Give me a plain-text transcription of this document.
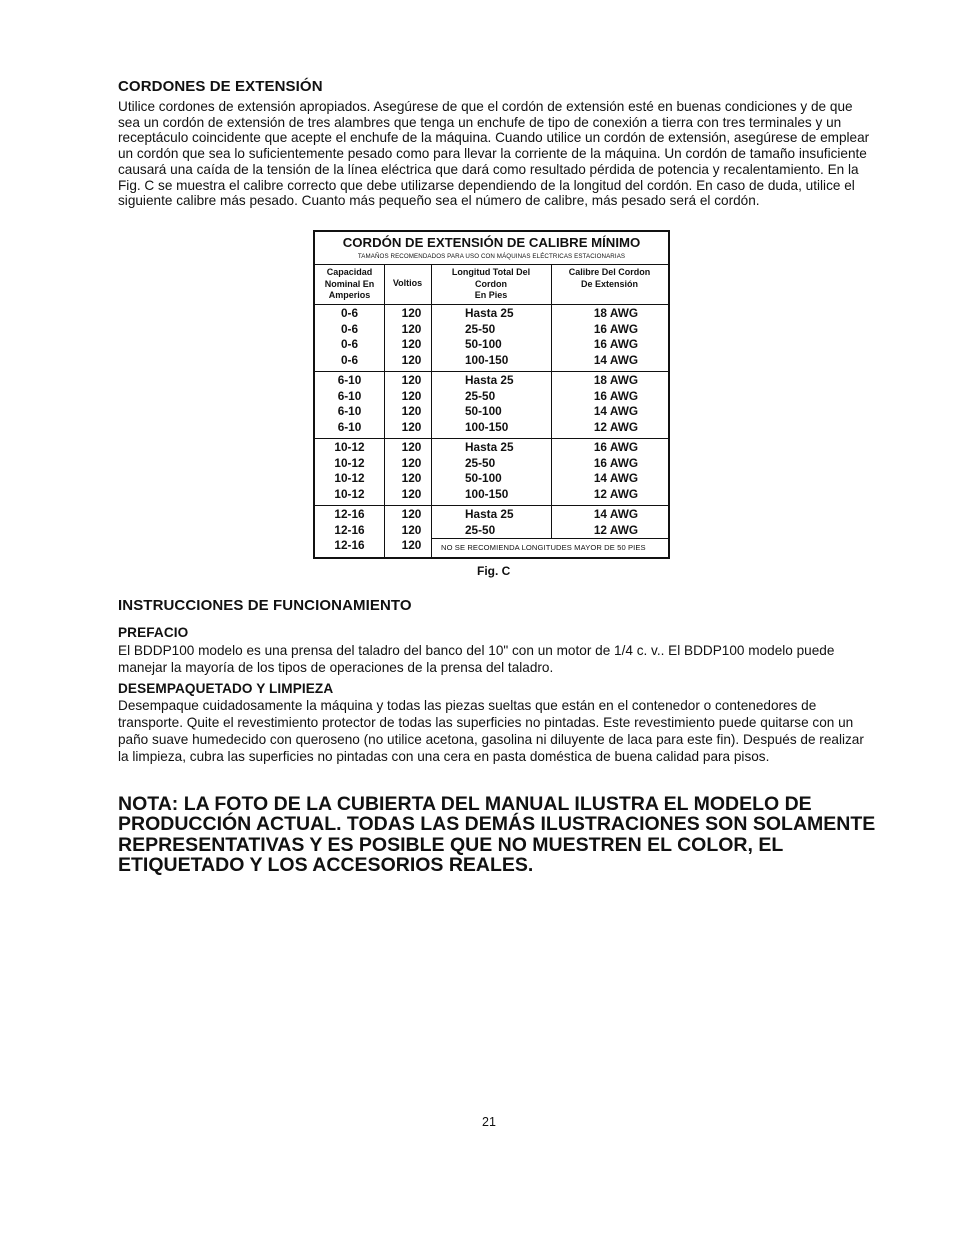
CORDONES DE EXTENSIÓN

Utilice cordones de extensión apropiados. Asegúrese de que el cordón de extensión esté en buenas condiciones y de que sea un cordón de extensión de tres alambres que tenga un enchufe de tipo de conexión a tierra con tres terminales y un receptáculo coincidente que acepte el enchufe de la máquina. Cuando utilice un cordón de extensión, asegúrese de emplear un cordón que sea lo suficientemente pesado como para llevar la corriente de la máquina. Un cordón de tamaño insuficiente causará una caída de la tensión de la línea eléctrica que dará como resultado pérdida de potencia y recalentamiento. En la Fig. C se muestra el calibre correcto que debe utilizarse dependiendo de la longitud del cordón. En caso de duda, utilice el siguiente calibre más pesado. Cuanto más pequeño sea el número de calibre, más pesado será el cordón.

CORDÓN DE EXTENSIÓN DE CALIBRE MÍNIMO
TAMAÑOS RECOMENDADOS PARA USO CON MÁQUINAS ELÉCTRICAS ESTACIONARIAS
Capacidad
Nominal En
Amperios
Voltios
Longitud Total Del
Cordon
En Pies
Calibre Del Cordon
De Extensión
0-6
0-6
0-6
0-6
120
120
120
120
Hasta 25
25-50
50-100
100-150
18 AWG
16 AWG
16 AWG
14 AWG
6-10
6-10
6-10
6-10
120
120
120
120
Hasta 25
25-50
50-100
100-150
18 AWG
16 AWG
14 AWG
12 AWG
10-12
10-12
10-12
10-12
120
120
120
120
Hasta 25
25-50
50-100
100-150
16 AWG
16 AWG
14 AWG
12 AWG
12-16
12-16
12-16
120
120
120
Hasta 25
25-50
14 AWG
12 AWG
NO SE RECOMIENDA LONGITUDES MAYOR DE 50 PIES
Fig. C
INSTRUCCIONES DE FUNCIONAMIENTO
PREFACIO

El BDDP100 modelo es una prensa del taladro del banco del 10" con un motor de 1/4 c. v.. El BDDP100 modelo puede manejar la mayoría de los tipos de operaciones de la prensa del taladro.

DESEMPAQUETADO Y LIMPIEZA

Desempaque cuidadosamente la máquina y todas las piezas sueltas que están en el contenedor o contenedores de transporte. Quite el revestimiento protector de todas las superficies no pintadas. Este revestimiento puede quitarse con un paño suave humedecido con queroseno (no utilice acetona, gasolina ni diluyente de laca para este fin). Después de realizar la limpieza, cubra las superficies no pintadas con una cera en pasta doméstica de buena calidad para pisos.

NOTA: LA FOTO DE LA CUBIERTA DEL MANUAL ILUSTRA EL MODELO DE PRODUCCIÓN ACTUAL. TODAS LAS DEMÁS ILUSTRACIONES SON SOLAMENTE REPRESENTATIVAS Y ES POSIBLE QUE NO MUESTREN EL COLOR, EL ETIQUETADO Y LOS ACCESORIOS REALES.

21
